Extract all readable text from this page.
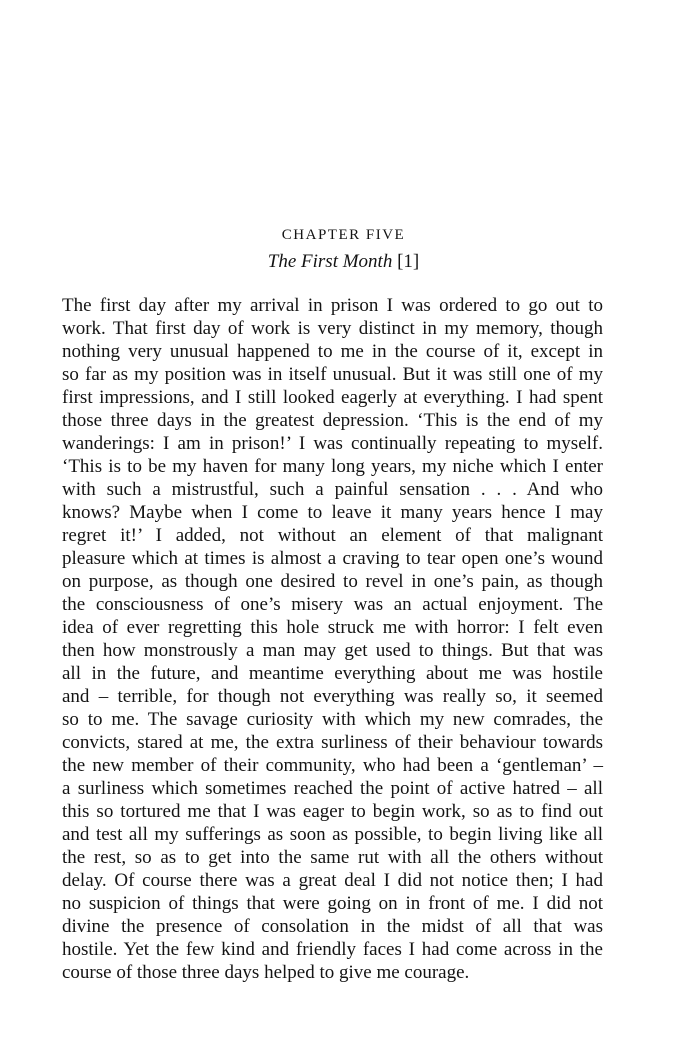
CHAPTER FIVE
The First Month [1]
The first day after my arrival in prison I was ordered to go out to
work. That first day of work is very distinct in my memory, though
nothing very unusual happened to me in the course of it, except in
so far as my position was in itself unusual. But it was still one of my
first impressions, and I still looked eagerly at everything. I had spent
those three days in the greatest depression. ‘This is the end of my
wanderings: I am in prison!’ I was continually repeating to myself.
‘This is to be my haven for many long years, my niche which I enter
with such a mistrustful, such a painful sensation . . . And who
knows? Maybe when I come to leave it many years hence I may
regret it!’ I added, not without an element of that malignant
pleasure which at times is almost a craving to tear open one’s wound
on purpose, as though one desired to revel in one’s pain, as though
the consciousness of one’s misery was an actual enjoyment. The
idea of ever regretting this hole struck me with horror: I felt even
then how monstrously a man may get used to things. But that was
all in the future, and meantime everything about me was hostile
and – terrible, for though not everything was really so, it seemed
so to me. The savage curiosity with which my new comrades, the
convicts, stared at me, the extra surliness of their behaviour towards
the new member of their community, who had been a ‘gentleman’ –
a surliness which sometimes reached the point of active hatred – all
this so tortured me that I was eager to begin work, so as to find out
and test all my sufferings as soon as possible, to begin living like all
the rest, so as to get into the same rut with all the others without
delay. Of course there was a great deal I did not notice then; I had
no suspicion of things that were going on in front of me. I did not
divine the presence of consolation in the midst of all that was
hostile. Yet the few kind and friendly faces I had come across in the
course of those three days helped to give me courage.
